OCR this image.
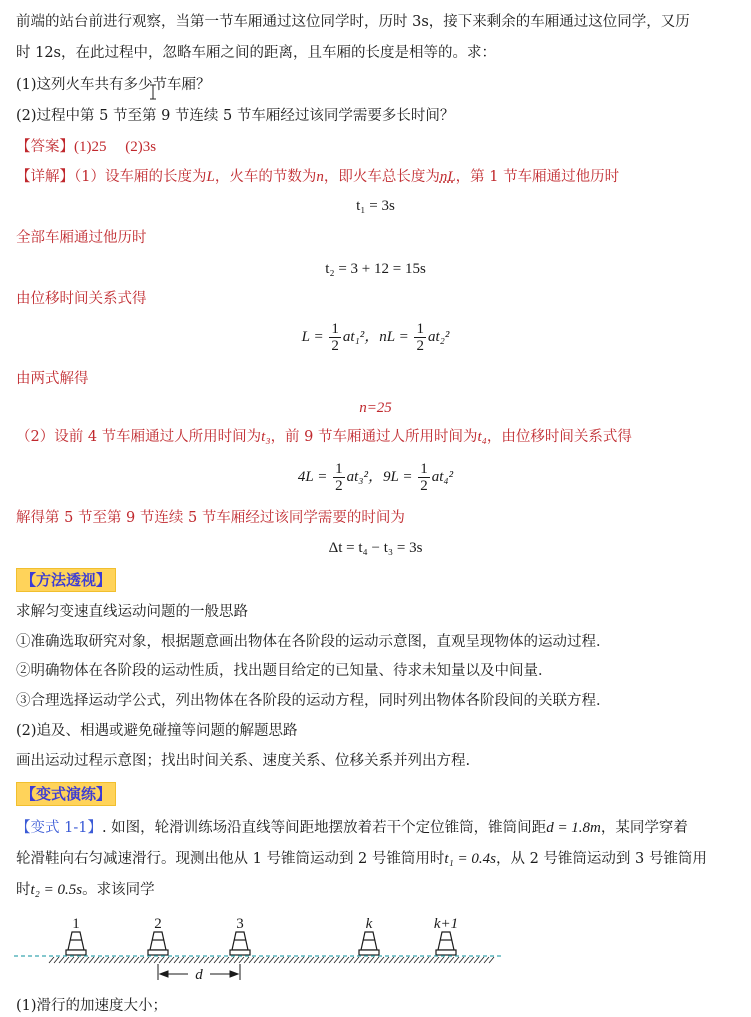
前端的站台前进行观察，当第一节车厢通过这位同学时，历时 3s，接下来剩余的车厢通过这位同学，又历
时 12s，在此过程中，忽略车厢之间的距离，且车厢的长度是相等的。求：
(1)这列火车共有多少节车厢？
(2)过程中第 5 节至第 9 节连续 5 节车厢经过该同学需要多长时间？
【答案】(1)25　 (2)3s
【详解】（1）设车厢的长度为L，火车的节数为n，即火车总长度为nL，第 1 节车厢通过他历时
t₁ = 3s
全部车厢通过他历时
t₂ = 3 + 12 = 15s
由位移时间关系式得
$L = \frac{1}{2} at_1^2$，nL = $\frac{1}{2} at_2^2$
由两式解得
n=25
（2）设前 4 节车厢通过人所用时间为t₃，前 9 节车厢通过人所用时间为t₄，由位移时间关系式得
$4L = \frac{1}{2} at_3^2$，$9L = \frac{1}{2} at_4^2$
解得第 5 节至第 9 节连续 5 节车厢经过该同学需要的时间为
Δt = t₄ − t₃ = 3s
【方法透视】
求解匀变速直线运动问题的一般思路
①准确选取研究对象，根据题意画出物体在各阶段的运动示意图，直观呈现物体的运动过程．
②明确物体在各阶段的运动性质，找出题目给定的已知量、待求未知量以及中间量．
③合理选择运动学公式，列出物体在各阶段的运动方程，同时列出物体各阶段间的关联方程．
(2)追及、相遇或避免碰撞等问题的解题思路
画出运动过程示意图；找出时间关系、速度关系、位移关系并列出方程.
【变式演练】
【变式 1-1】. 如图，轮滑训练场沿直线等间距地摆放着若干个定位锥筒，锥筒间距d = 1.8m，某同学穿着
轮滑鞋向右匀减速滑行。现测出他从 1 号锥筒运动到 2 号锥筒用时t₁ = 0.4s，从 2 号锥筒运动到 3 号锥筒用
时t₂ = 0.5s。求该同学
1	2	3	k	k+1
d
(1)滑行的加速度大小；
